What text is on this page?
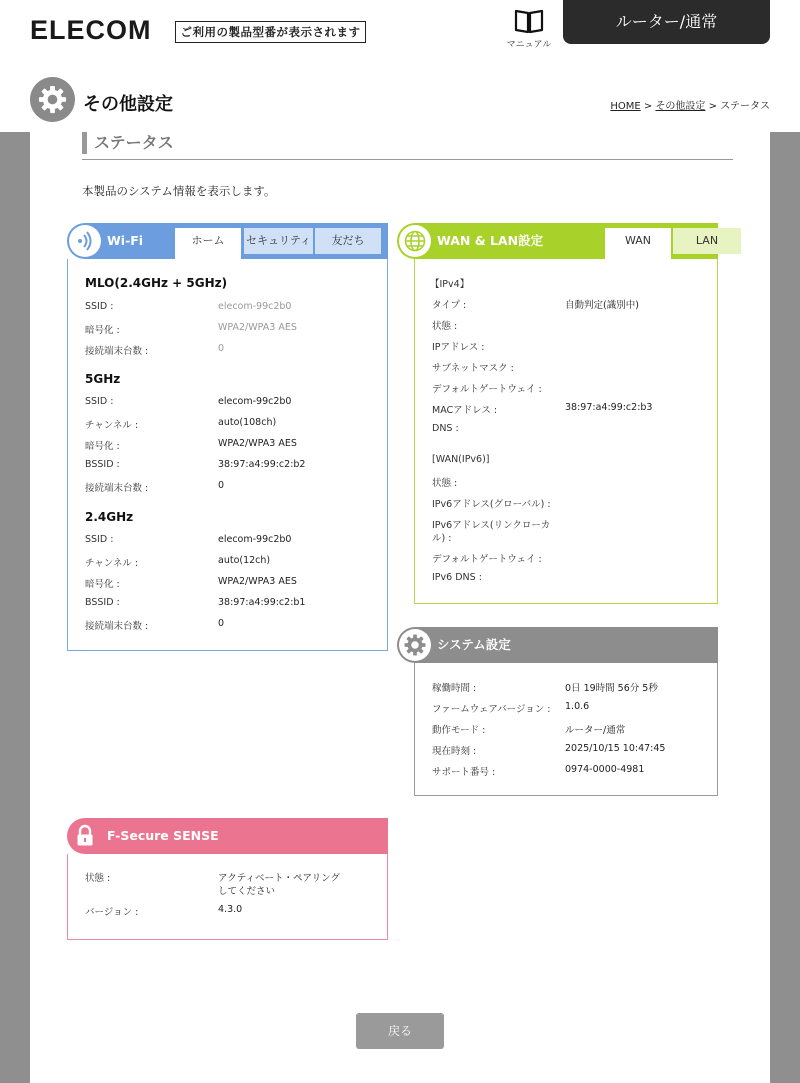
ELECOM	ご利用の製品型番が表示されます
マニュアル
ルーター/通常
その他設定	HOME > その他設定 > ステータス
ステータス
本製品のシステム情報を表示します。
Wi-Fi	ホーム	セキュリティ	友だち
MLO(2.4GHz + 5GHz)
SSID :	elecom-99c2b0
暗号化 :	WPA2/WPA3 AES
接続端末台数 :	0
5GHz
SSID :	elecom-99c2b0
チャンネル :	auto(108ch)
暗号化 :	WPA2/WPA3 AES
BSSID :	38:97:a4:99:c2:b2
接続端末台数 :	0
2.4GHz
SSID :	elecom-99c2b0
チャンネル :	auto(12ch)
暗号化 :	WPA2/WPA3 AES
BSSID :	38:97:a4:99:c2:b1
接続端末台数 :	0
WAN & LAN設定	WAN	LAN
【IPv4】
タイプ :	自動判定(識別中)
状態 :
IPアドレス :
サブネットマスク :
デフォルトゲートウェイ :
MACアドレス :	38:97:a4:99:c2:b3
DNS :
[WAN(IPv6)]
状態 :
IPv6アドレス(グローバル) :
IPv6アドレス(リンクローカ
ル) :
デフォルトゲートウェイ :
IPv6 DNS :
システム設定
稼働時間 :	0日 19時間 56分 5秒
ファームウェアバージョン : 1.0.6
動作モード :	ルーター/通常
現在時刻 :	2025/10/15 10:47:45
サポート番号 :	0974-0000-4981
F-Secure SENSE
状態 :	アクティベート・ペアリング
してください
バージョン :	4.3.0
戻る
